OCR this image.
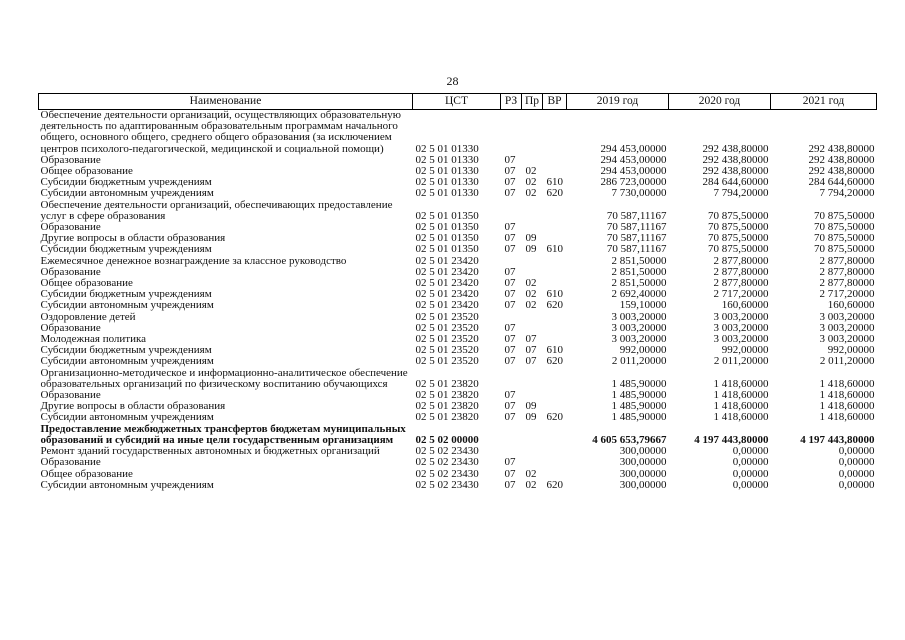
28
Наименование	ЦСТ	РЗ	Пр	ВР	2019 год	2020 год	2021 год
Обеспечение деятельности организаций, осуществляющих образовательную деятельность по адаптированным образовательным программам начального общего, основного общего, среднего общего образования (за исключением центров психолого-педагогической, медицинской и социальной помощи)	02 5 01 01330				294 453,00000	292 438,80000	292 438,80000
Образование	02 5 01 01330	07			294 453,00000	292 438,80000	292 438,80000
Общее образование	02 5 01 01330	07	02		294 453,00000	292 438,80000	292 438,80000
Субсидии бюджетным учреждениям	02 5 01 01330	07	02	610	286 723,00000	284 644,60000	284 644,60000
Субсидии автономным учреждениям	02 5 01 01330	07	02	620	7 730,00000	7 794,20000	7 794,20000
Обеспечение деятельности организаций, обеспечивающих предоставление услуг в сфере образования	02 5 01 01350				70 587,11167	70 875,50000	70 875,50000
Образование	02 5 01 01350	07			70 587,11167	70 875,50000	70 875,50000
Другие вопросы в области образования	02 5 01 01350	07	09		70 587,11167	70 875,50000	70 875,50000
Субсидии бюджетным учреждениям	02 5 01 01350	07	09	610	70 587,11167	70 875,50000	70 875,50000
Ежемесячное денежное вознаграждение за классное руководство	02 5 01 23420				2 851,50000	2 877,80000	2 877,80000
Образование	02 5 01 23420	07			2 851,50000	2 877,80000	2 877,80000
Общее образование	02 5 01 23420	07	02		2 851,50000	2 877,80000	2 877,80000
Субсидии бюджетным учреждениям	02 5 01 23420	07	02	610	2 692,40000	2 717,20000	2 717,20000
Субсидии автономным учреждениям	02 5 01 23420	07	02	620	159,10000	160,60000	160,60000
Оздоровление детей	02 5 01 23520				3 003,20000	3 003,20000	3 003,20000
Образование	02 5 01 23520	07			3 003,20000	3 003,20000	3 003,20000
Молодежная политика	02 5 01 23520	07	07		3 003,20000	3 003,20000	3 003,20000
Субсидии бюджетным учреждениям	02 5 01 23520	07	07	610	992,00000	992,00000	992,00000
Субсидии автономным учреждениям	02 5 01 23520	07	07	620	2 011,20000	2 011,20000	2 011,20000
Организационно-методическое и информационно-аналитическое обеспечение образовательных организаций по физическому воспитанию обучающихся	02 5 01 23820				1 485,90000	1 418,60000	1 418,60000
Образование	02 5 01 23820	07			1 485,90000	1 418,60000	1 418,60000
Другие вопросы в области образования	02 5 01 23820	07	09		1 485,90000	1 418,60000	1 418,60000
Субсидии автономным учреждениям	02 5 01 23820	07	09	620	1 485,90000	1 418,60000	1 418,60000
Предоставление межбюджетных трансфертов бюджетам муниципальных образований и субсидий на иные цели государственным организациям	02 5 02 00000				4 605 653,79667	4 197 443,80000	4 197 443,80000
Ремонт зданий государственных автономных и бюджетных организаций	02 5 02 23430				300,00000	0,00000	0,00000
Образование	02 5 02 23430	07			300,00000	0,00000	0,00000
Общее образование	02 5 02 23430	07	02		300,00000	0,00000	0,00000
Субсидии автономным учреждениям	02 5 02 23430	07	02	620	300,00000	0,00000	0,00000
